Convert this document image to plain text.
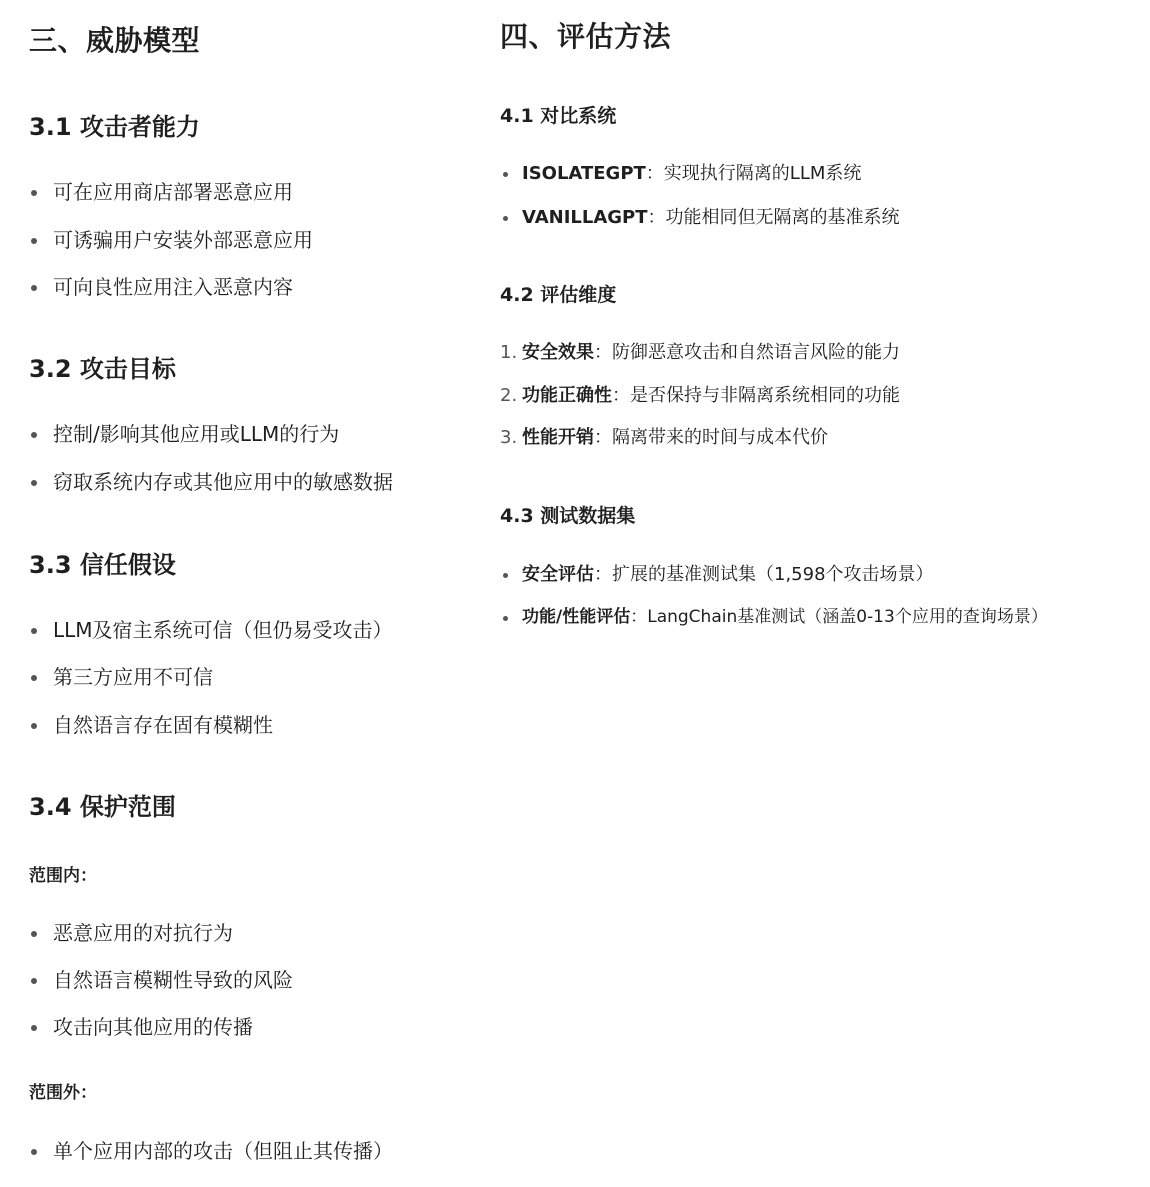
三、威胁模型
3.1 攻击者能力
可在应用商店部署恶意应用
可诱骗用户安装外部恶意应用
可向良性应用注入恶意内容
3.2 攻击目标
控制/影响其他应用或LLM的行为
窃取系统内存或其他应用中的敏感数据
3.3 信任假设
LLM及宿主系统可信（但仍易受攻击）
第三方应用不可信
自然语言存在固有模糊性
3.4 保护范围
范围内：
恶意应用的对抗行为
自然语言模糊性导致的风险
攻击向其他应用的传播
范围外：
单个应用内部的攻击（但阻止其传播）
四、评估方法
4.1 对比系统
ISOLATEGPT：实现执行隔离的LLM系统
VANILLAGPT：功能相同但无隔离的基准系统
4.2 评估维度
1. 安全效果：防御恶意攻击和自然语言风险的能力
2. 功能正确性：是否保持与非隔离系统相同的功能
3. 性能开销：隔离带来的时间与成本代价
4.3 测试数据集
安全评估：扩展的基准测试集（1,598个攻击场景）
功能/性能评估：LangChain基准测试（涵盖0-13个应用的查询场景）
